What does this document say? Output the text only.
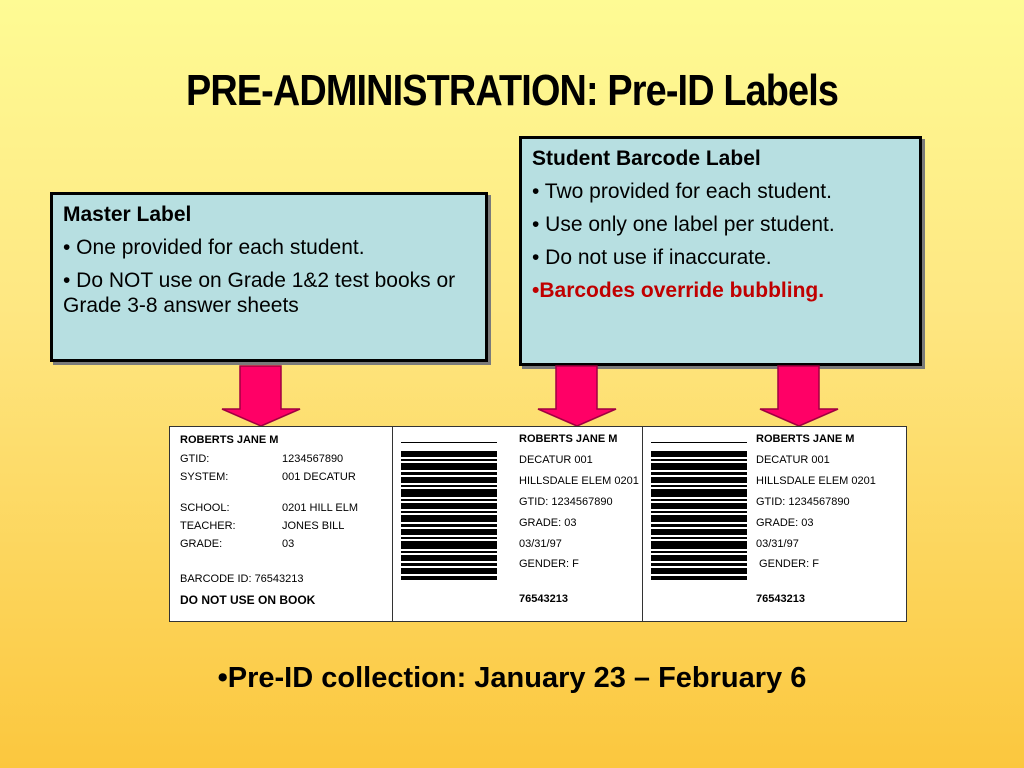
PRE-ADMINISTRATION: Pre-ID Labels
Master Label

• One provided for each student.

• Do NOT use on Grade 1&2 test books or Grade 3-8 answer sheets

Student Barcode Label

• Two provided for each student.

• Use only one label per student.

• Do not use if inaccurate.

•Barcodes override bubbling.

ROBERTS JANE M
GTID:	1234567890
SYSTEM:	001 DECATUR
SCHOOL:	0201 HILL ELM
TEACHER:	JONES BILL
GRADE:	03
BARCODE ID: 76543213
DO NOT USE ON BOOK
ROBERTS JANE M
DECATUR 001
HILLSDALE ELEM 0201
GTID: 1234567890
GRADE: 03
03/31/97
GENDER: F
76543213
ROBERTS JANE M
DECATUR 001
HILLSDALE ELEM 0201
GTID: 1234567890
GRADE: 03
03/31/97
GENDER: F
76543213
•Pre-ID collection: January 23 – February 6
